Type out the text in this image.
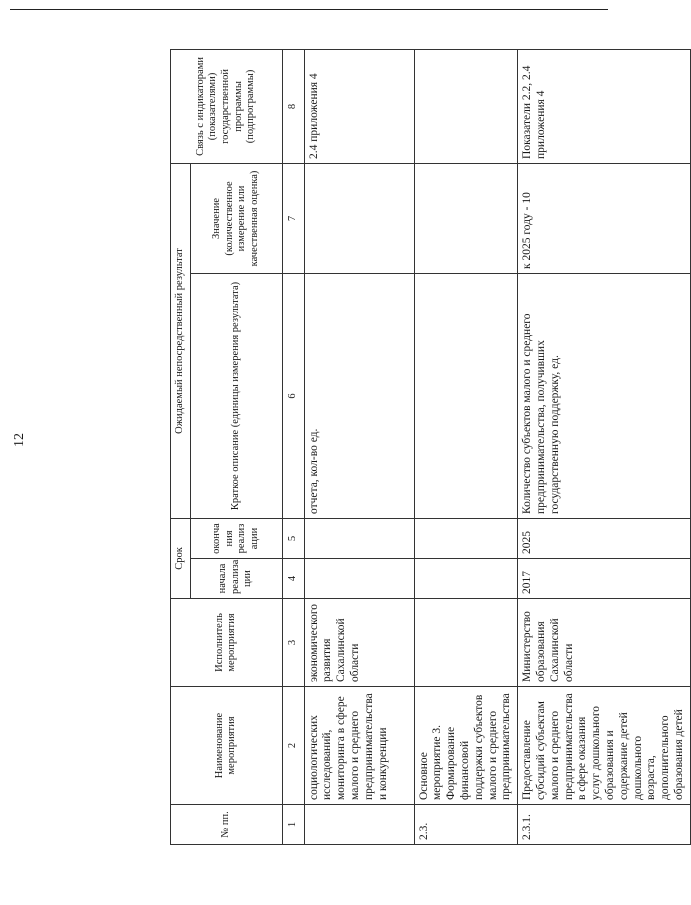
12
№ пп.	Наименование мероприятия	Исполнитель мероприятия	Срок		Ожидаемый непосредственный результат		Связь с индикаторами (показателями) государственной программы (подпрограммы)
			начала реализа ции	оконча ния реализ ации	Краткое описание (единицы измерения результата)	Значение (количественное измерение или качественная оценка)	
1	2	3	4	5	6	7	8
	социологических исследований, мониторинга в сфере малого и среднего предпринимательства и конкуренции	экономического развития Сахалинской области			отчета, кол-во ед.		2.4 приложения 4
2.3.	Основное мероприятие 3. Формирование финансовой поддержки субъектов малого и среднего предпринимательства						
2.3.1.	Предоставление субсидий субъектам малого и среднего предпринимательства в сфере оказания услуг дошкольного образования и содержание детей дошкольного возраста, дополнительного образования детей	Министерство образования Сахалинской области	2017	2025	Количество субъектов малого и среднего предпринимательства, получивших государственную поддержку, ед.	к 2025 году - 10	Показатели 2.2, 2.4 приложения 4
